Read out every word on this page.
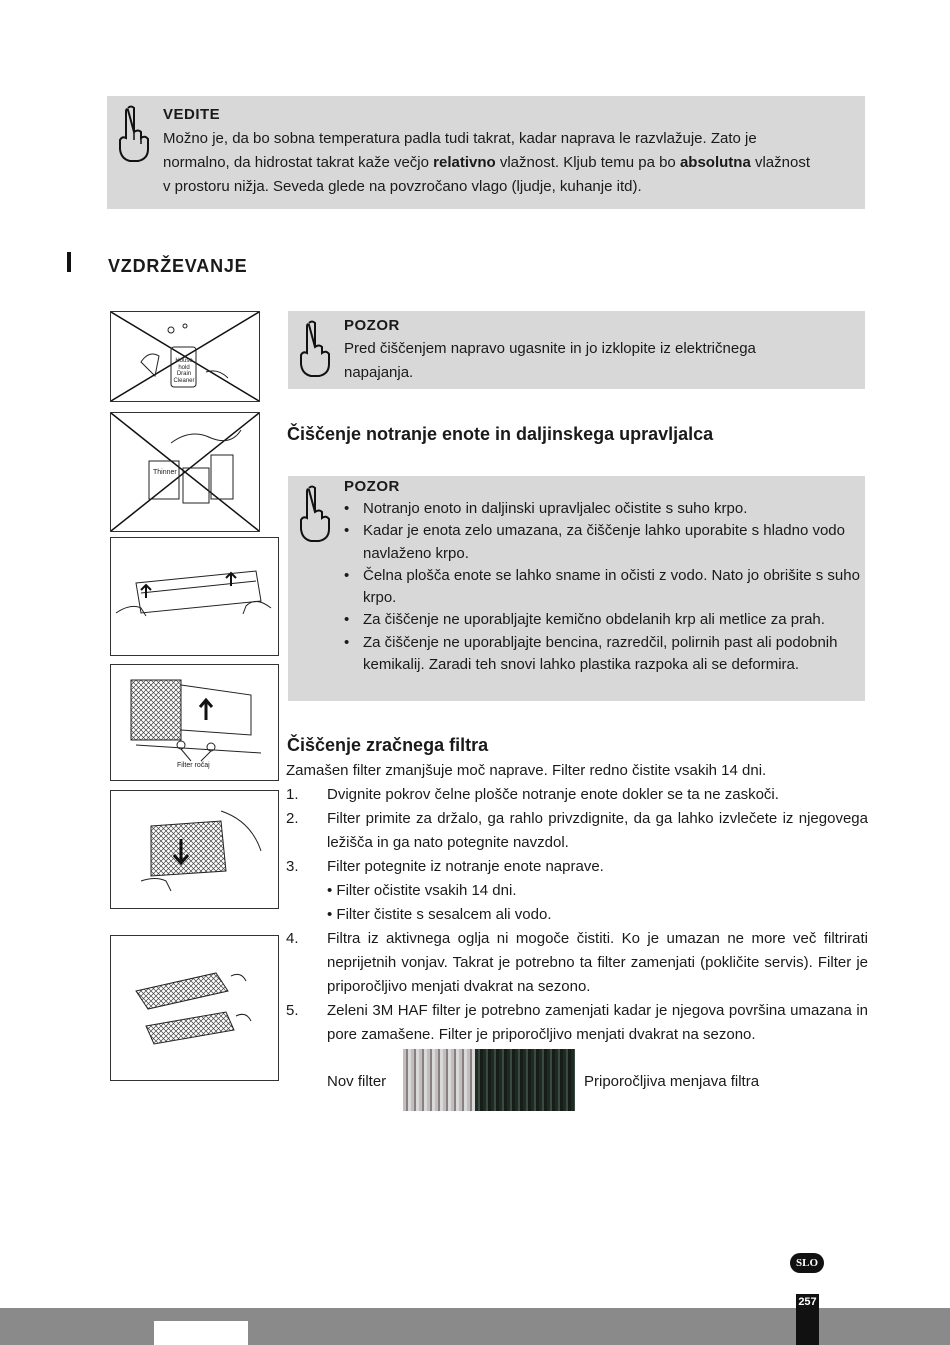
VEDITE
Možno je, da bo sobna temperatura padla tudi takrat, kadar naprava le razvlažuje. Zato je
normalno, da hidrostat takrat kaže večjo relativno vlažnost. Kljub temu pa bo absolutna vlažnost
v prostoru nižja. Seveda glede na povzročano vlago (ljudje, kuhanje itd).
VZDRŽEVANJE
House
hold
Drain
Cleaner
POZOR
Pred čiščenjem napravo ugasnite in jo izklopite iz električnega
napajanja.
Thinner
Čiščenje notranje enote in daljinskega upravljalca
POZOR
• Notranjo enoto in daljinski upravljalec očistite s suho krpo.
• Kadar je enota zelo umazana, za čiščenje lahko uporabite s hladno vodo navlaženo krpo.
• Čelna plošča enote se lahko sname in očisti z vodo. Nato jo obrišite s suho krpo.
• Za čiščenje ne uporabljajte kemično obdelanih krp ali metlice za prah.
• Za čiščenje ne uporabljajte bencina, razredčil, polirnih past ali podobnih kemikalij. Zaradi teh snovi lahko plastika razpoka ali se deformira.
Filter ročaj
Čiščenje zračnega filtra
Zamašen filter zmanjšuje moč naprave. Filter redno čistite vsakih 14 dni.
1. Dvignite pokrov čelne plošče notranje enote dokler se ta ne zaskoči.
2. Filter primite za držalo, ga rahlo privzdignite, da ga lahko izvlečete iz njegovega ležišča in ga nato potegnite navzdol.
3. Filter potegnite iz notranje enote naprave.
• Filter očistite vsakih 14 dni.
• Filter čistite s sesalcem ali vodo.
4. Filtra iz aktivnega oglja ni mogoče čistiti. Ko je umazan ne more več filtrirati neprijetnih vonjav. Takrat je potrebno ta filter zamenjati (pokličite servis). Filter je priporočljivo menjati dvakrat na sezono.
5. Zeleni 3M HAF filter je potrebno zamenjati kadar je njegova površina umazana in pore zamašene. Filter je priporočljivo menjati dvakrat na sezono.
Nov filter	Priporočljiva menjava filtra
SLO
257
